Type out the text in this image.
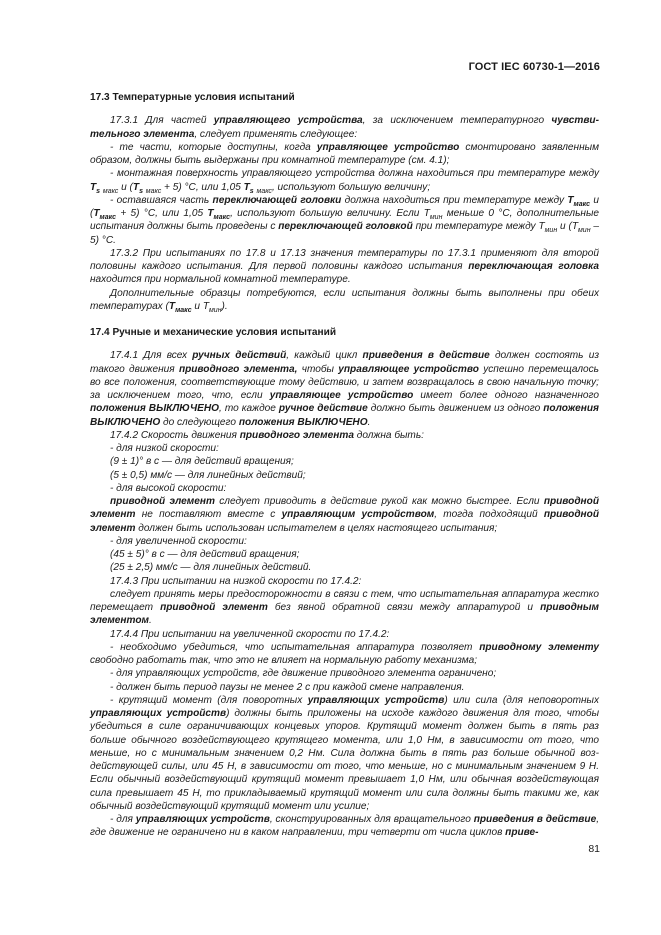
ГОСТ IEC 60730-1—2016

17.3 Температурные условия испытаний

17.3.1 Для частей управляющего устройства, за исключением температурного чувствительного элемента, следует применять следующее:

- те части, которые доступны, когда управляющее устройство смонтировано заявленным образом, должны быть выдержаны при комнатной температуре (см. 4.1);

- монтажная поверхность управляющего устройства должна находиться при температуре между $T_s$ $_{макс}$ и ($T_s$ $_{макс}$ + 5) °С, или 1,05 $T_s$ $_{макс}$, используют большую величину;

- оставшаяся часть переключающей головки должна находиться при температуре между $T_{макс}$ и $(T_{макс} + 5)$ °С, или 1,05 $T_{макс}$, используют большую величину. Если $T_{мин}$ меньше 0 °С, дополнительные испытания должны быть проведены с переключающей головкой при температуре между $T_{мин}$ и $(T_{мин} - 5)$ °С.

17.3.2 При испытаниях по 17.8 и 17.13 значения температуры по 17.3.1 применяют для второй половины каждого испытания. Для первой половины каждого испытания переключающая головка находится при нормальной комнатной температуре.

Дополнительные образцы потребуются, если испытания должны быть выполнены при обеих температурах ($T_{макс}$ и $T_{мин}$).

17.4 Ручные и механические условия испытаний

17.4.1 Для всех ручных действий, каждый цикл приведения в действие должен состоять из такого движения приводного элемента, чтобы управляющее устройство успешно перемещалось во все положения, соответствующие тому действию, и затем возвращалось в свою начальную точку; за исключением того, что, если управляющее устройство имеет более одного назначенного положения ВЫКЛЮЧЕНО, то каждое ручное действие должно быть движением из одного положения ВЫКЛЮЧЕНО до следующего положения ВЫКЛЮЧЕНО.

17.4.2 Скорость движения приводного элемента должна быть:

- для низкой скорости:

(9 ± 1)° в с — для действий вращения;

(5 ± 0,5) мм/с — для линейных действий;

- для высокой скорости:

приводной элемент следует приводить в действие рукой как можно быстрее. Если приводной элемент не поставляют вместе с управляющим устройством, тогда подходящий приводной элемент должен быть использован испытателем в целях настоящего испытания;

- для увеличенной скорости:

(45 ± 5)° в с — для действий вращения;

(25 ± 2,5) мм/с — для линейных действий.

17.4.3 При испытании на низкой скорости по 17.4.2:

следует принять меры предосторожности в связи с тем, что испытательная аппаратура жестко перемещает приводной элемент без явной обратной связи между аппаратурой и приводным элементом.

17.4.4 При испытании на увеличенной скорости по 17.4.2:

- необходимо убедиться, что испытательная аппаратура позволяет приводному элементу свободно работать так, что это не влияет на нормальную работу механизма;

- для управляющих устройств, где движение приводного элемента ограничено;

- должен быть период паузы не менее 2 с при каждой смене направления.

- крутящий момент (для поворотных управляющих устройств) или сила (для неповоротных управляющих устройств) должны быть приложены на исходе каждого движения для того, чтобы убедиться в силе ограничивающих концевых упоров. Крутящий момент должен быть в пять раз больше обычного воздействующего крутящего момента, или 1,0 Нм, в зависимости от того, что меньше, но с минимальным значением 0,2 Нм. Сила должна быть в пять раз больше обычной воздействующей силы, или 45 Н, в зависимости от того, что меньше, но с минимальным значением 9 Н. Если обычный воздействующий крутящий момент превышает 1,0 Нм, или обычная воздействующая сила превышает 45 Н, то прикладываемый крутящий момент или сила должны быть такими же, как обычный воздействующий крутящий момент или усилие;

- для управляющих устройств, сконструированных для вращательного приведения в действие, где движение не ограничено ни в каком направлении, три четверти от числа циклов приве-

81
